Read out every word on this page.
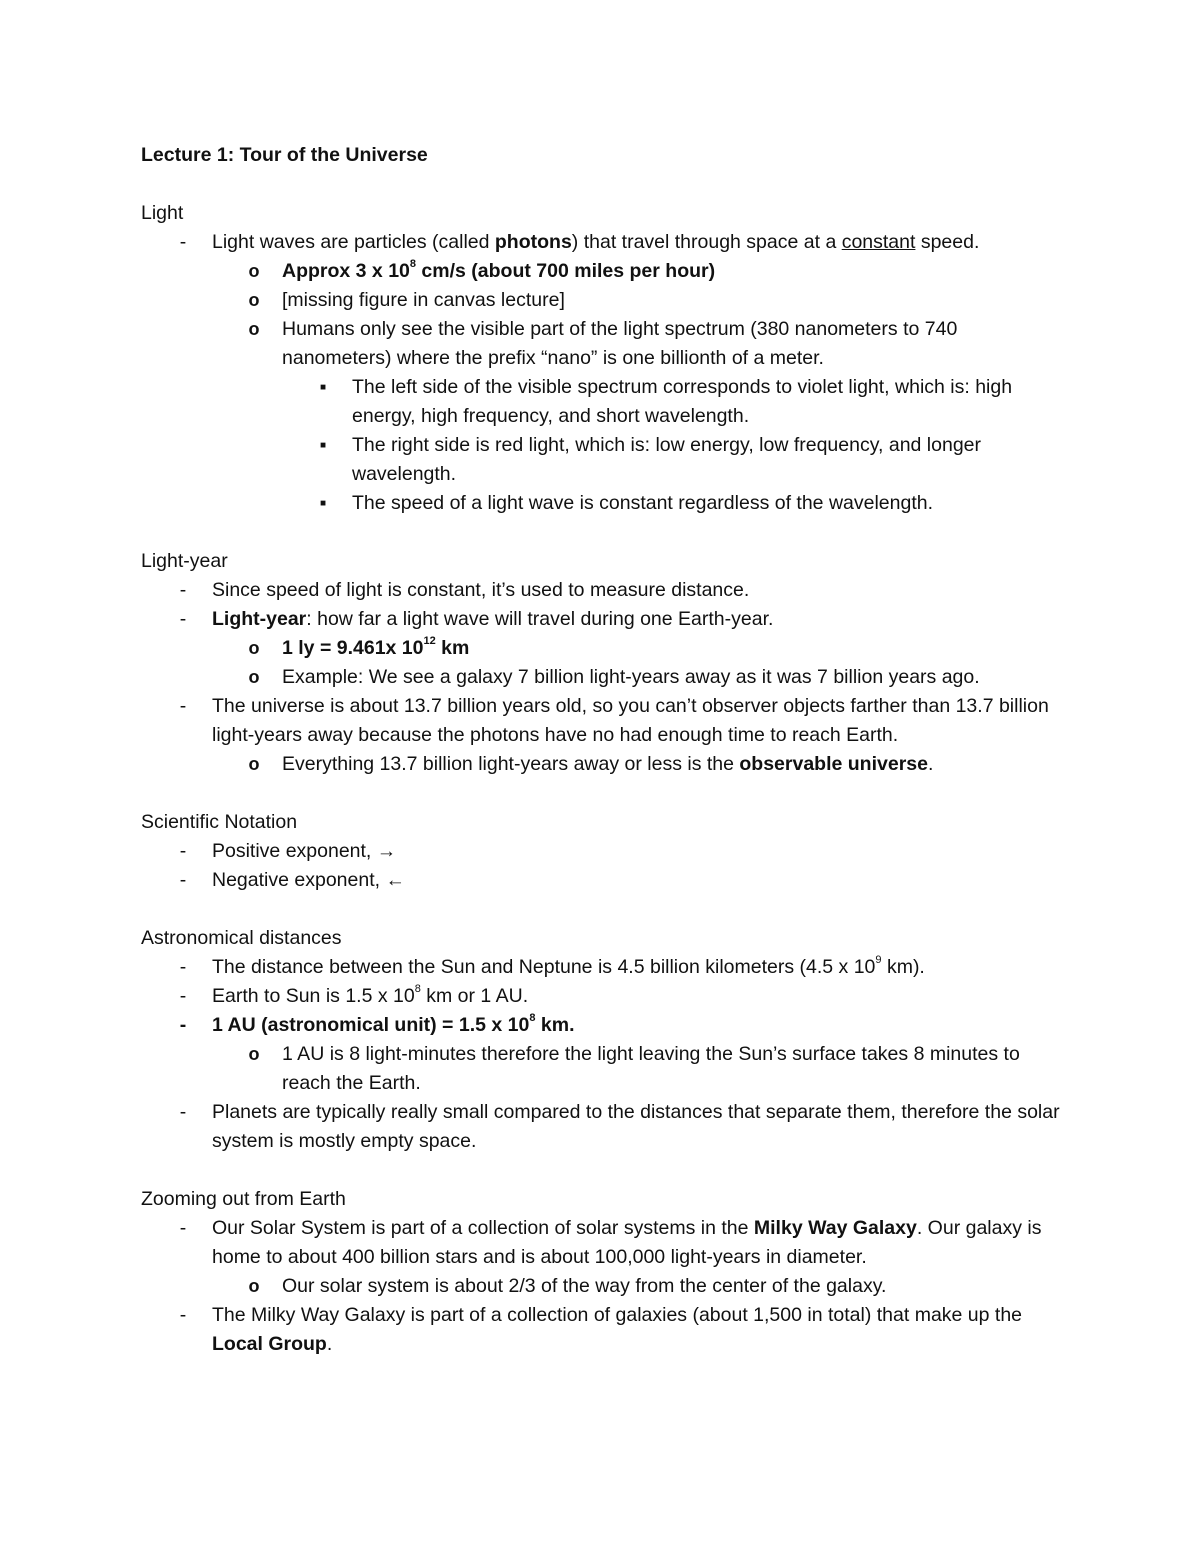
Lecture 1: Tour of the Universe

Light

-	Light waves are particles (called photons) that travel through space at a constant speed.
o Approx 3 x $10^8$ cm/s (about 700 miles per hour)
o [missing figure in canvas lecture]
o Humans only see the visible part of the light spectrum (380 nanometers to 740 nanometers) where the prefix “nano” is one billionth of a meter.
■	The left side of the visible spectrum corresponds to violet light, which is: high energy, high frequency, and short wavelength.
■	The right side is red light, which is: low energy, low frequency, and longer wavelength.
■	The speed of a light wave is constant regardless of the wavelength.

Light-year

-	Since speed of light is constant, it’s used to measure distance.
-	Light-year: how far a light wave will travel during one Earth-year.
o 1 ly = 9.461x $10^{12}$ km
o Example: We see a galaxy 7 billion light-years away as it was 7 billion years ago.
-	The universe is about 13.7 billion years old, so you can’t observer objects farther than 13.7 billion light-years away because the photons have no had enough time to reach Earth.
o Everything 13.7 billion light-years away or less is the observable universe.

Scientific Notation

-	Positive exponent, →
-	Negative exponent, ←

Astronomical distances

-	The distance between the Sun and Neptune is 4.5 billion kilometers (4.5 x $10^9$ km).
-	Earth to Sun is 1.5 x $10^8$ km or 1 AU.
-	1 AU (astronomical unit) = 1.5 x $10^8$ km.
o 1 AU is 8 light-minutes therefore the light leaving the Sun’s surface takes 8 minutes to reach the Earth.
-	Planets are typically really small compared to the distances that separate them, therefore the solar system is mostly empty space.

Zooming out from Earth

-	Our Solar System is part of a collection of solar systems in the Milky Way Galaxy. Our galaxy is home to about 400 billion stars and is about 100,000 light-years in diameter.
o Our solar system is about 2/3 of the way from the center of the galaxy.
-	The Milky Way Galaxy is part of a collection of galaxies (about 1,500 in total) that make up the Local Group.
